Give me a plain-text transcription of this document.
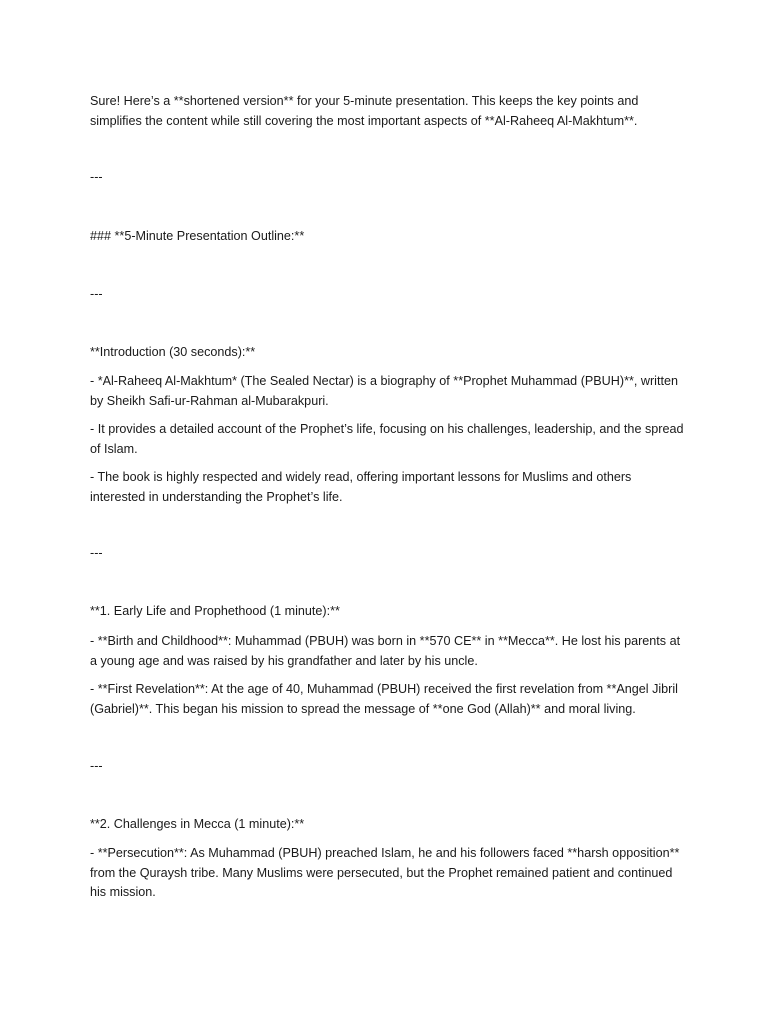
Sure! Here’s a **shortened version** for your 5-minute presentation. This keeps the key points and simplifies the content while still covering the most important aspects of **Al-Raheeq Al-Makhtum**.

---

### **5-Minute Presentation Outline:**

---

**Introduction (30 seconds):**

- *Al-Raheeq Al-Makhtum* (The Sealed Nectar) is a biography of **Prophet Muhammad (PBUH)**, written by Sheikh Safi-ur-Rahman al-Mubarakpuri.

- It provides a detailed account of the Prophet’s life, focusing on his challenges, leadership, and the spread of Islam.

- The book is highly respected and widely read, offering important lessons for Muslims and others interested in understanding the Prophet’s life.

---

**1. Early Life and Prophethood (1 minute):**

- **Birth and Childhood**: Muhammad (PBUH) was born in **570 CE** in **Mecca**. He lost his parents at a young age and was raised by his grandfather and later by his uncle.

- **First Revelation**: At the age of 40, Muhammad (PBUH) received the first revelation from **Angel Jibril (Gabriel)**. This began his mission to spread the message of **one God (Allah)** and moral living.

---

**2. Challenges in Mecca (1 minute):**

- **Persecution**: As Muhammad (PBUH) preached Islam, he and his followers faced **harsh opposition** from the Quraysh tribe. Many Muslims were persecuted, but the Prophet remained patient and continued his mission.
